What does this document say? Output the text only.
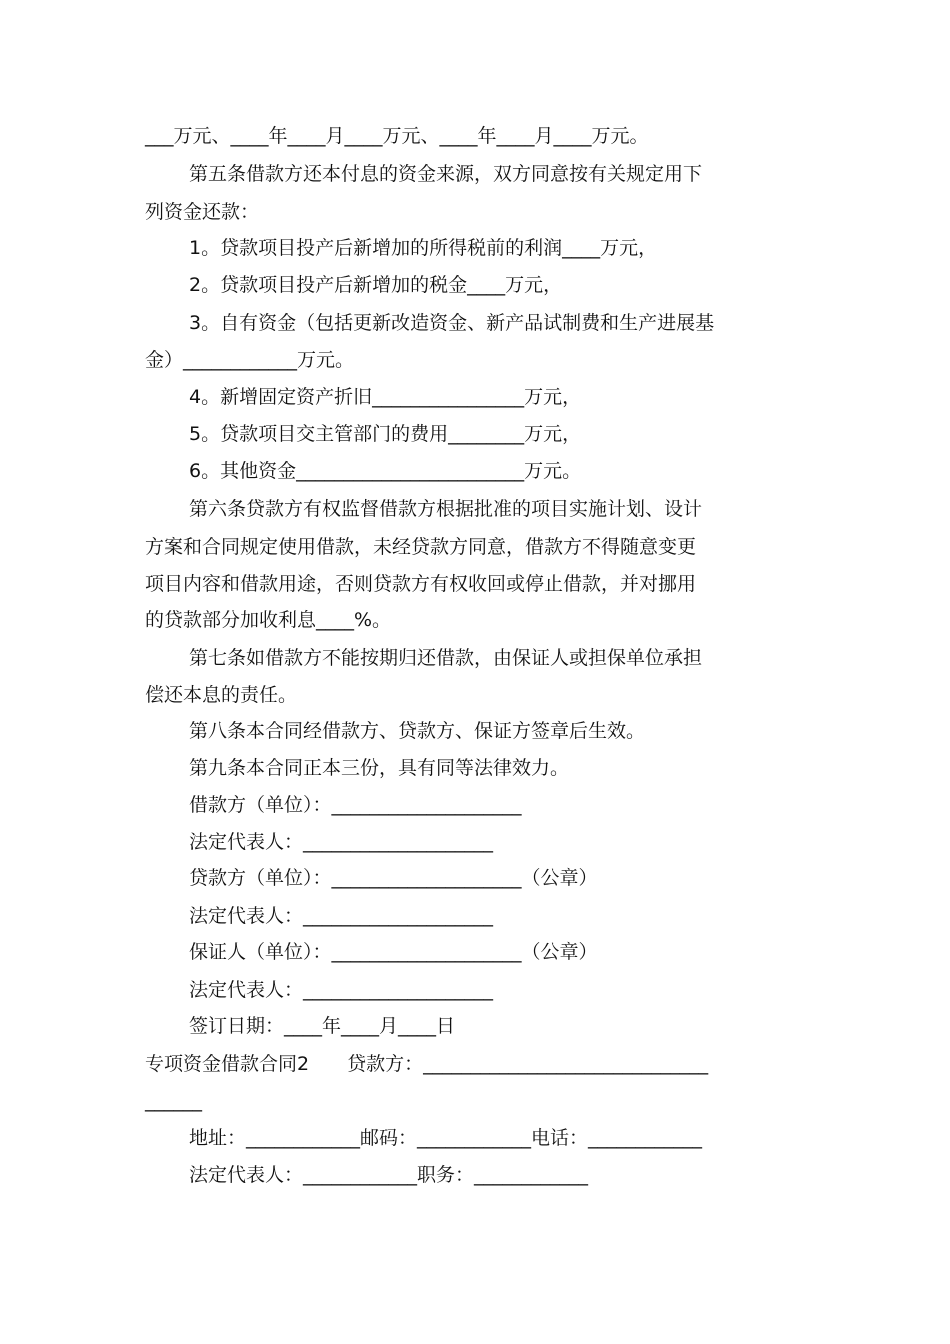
___万元、____年____月____万元、____年____月____万元。
第五条借款方还本付息的资金来源，双方同意按有关规定用下
列资金还款：
1。贷款项目投产后新增加的所得税前的利润____万元，
2。贷款项目投产后新增加的税金____万元，
3。自有资金（包括更新改造资金、新产品试制费和生产进展基
金）____________万元。
4。新增固定资产折旧________________万元，
5。贷款项目交主管部门的费用________万元，
6。其他资金________________________万元。
第六条贷款方有权监督借款方根据批准的项目实施计划、设计
方案和合同规定使用借款，未经贷款方同意，借款方不得随意变更
项目内容和借款用途，否则贷款方有权收回或停止借款，并对挪用
的贷款部分加收利息____%。
第七条如借款方不能按期归还借款，由保证人或担保单位承担
偿还本息的责任。
第八条本合同经借款方、贷款方、保证方签章后生效。
第九条本合同正本三份，具有同等法律效力。
借款方（单位）：____________________
法定代表人：____________________
贷款方（单位）：____________________（公章）
法定代表人：____________________
保证人（单位）：____________________（公章）
法定代表人：____________________
签订日期：____年____月____日
专项资金借款合同2　　贷款方：______________________________
______
地址：____________邮码：____________电话：____________
法定代表人：____________职务：____________
